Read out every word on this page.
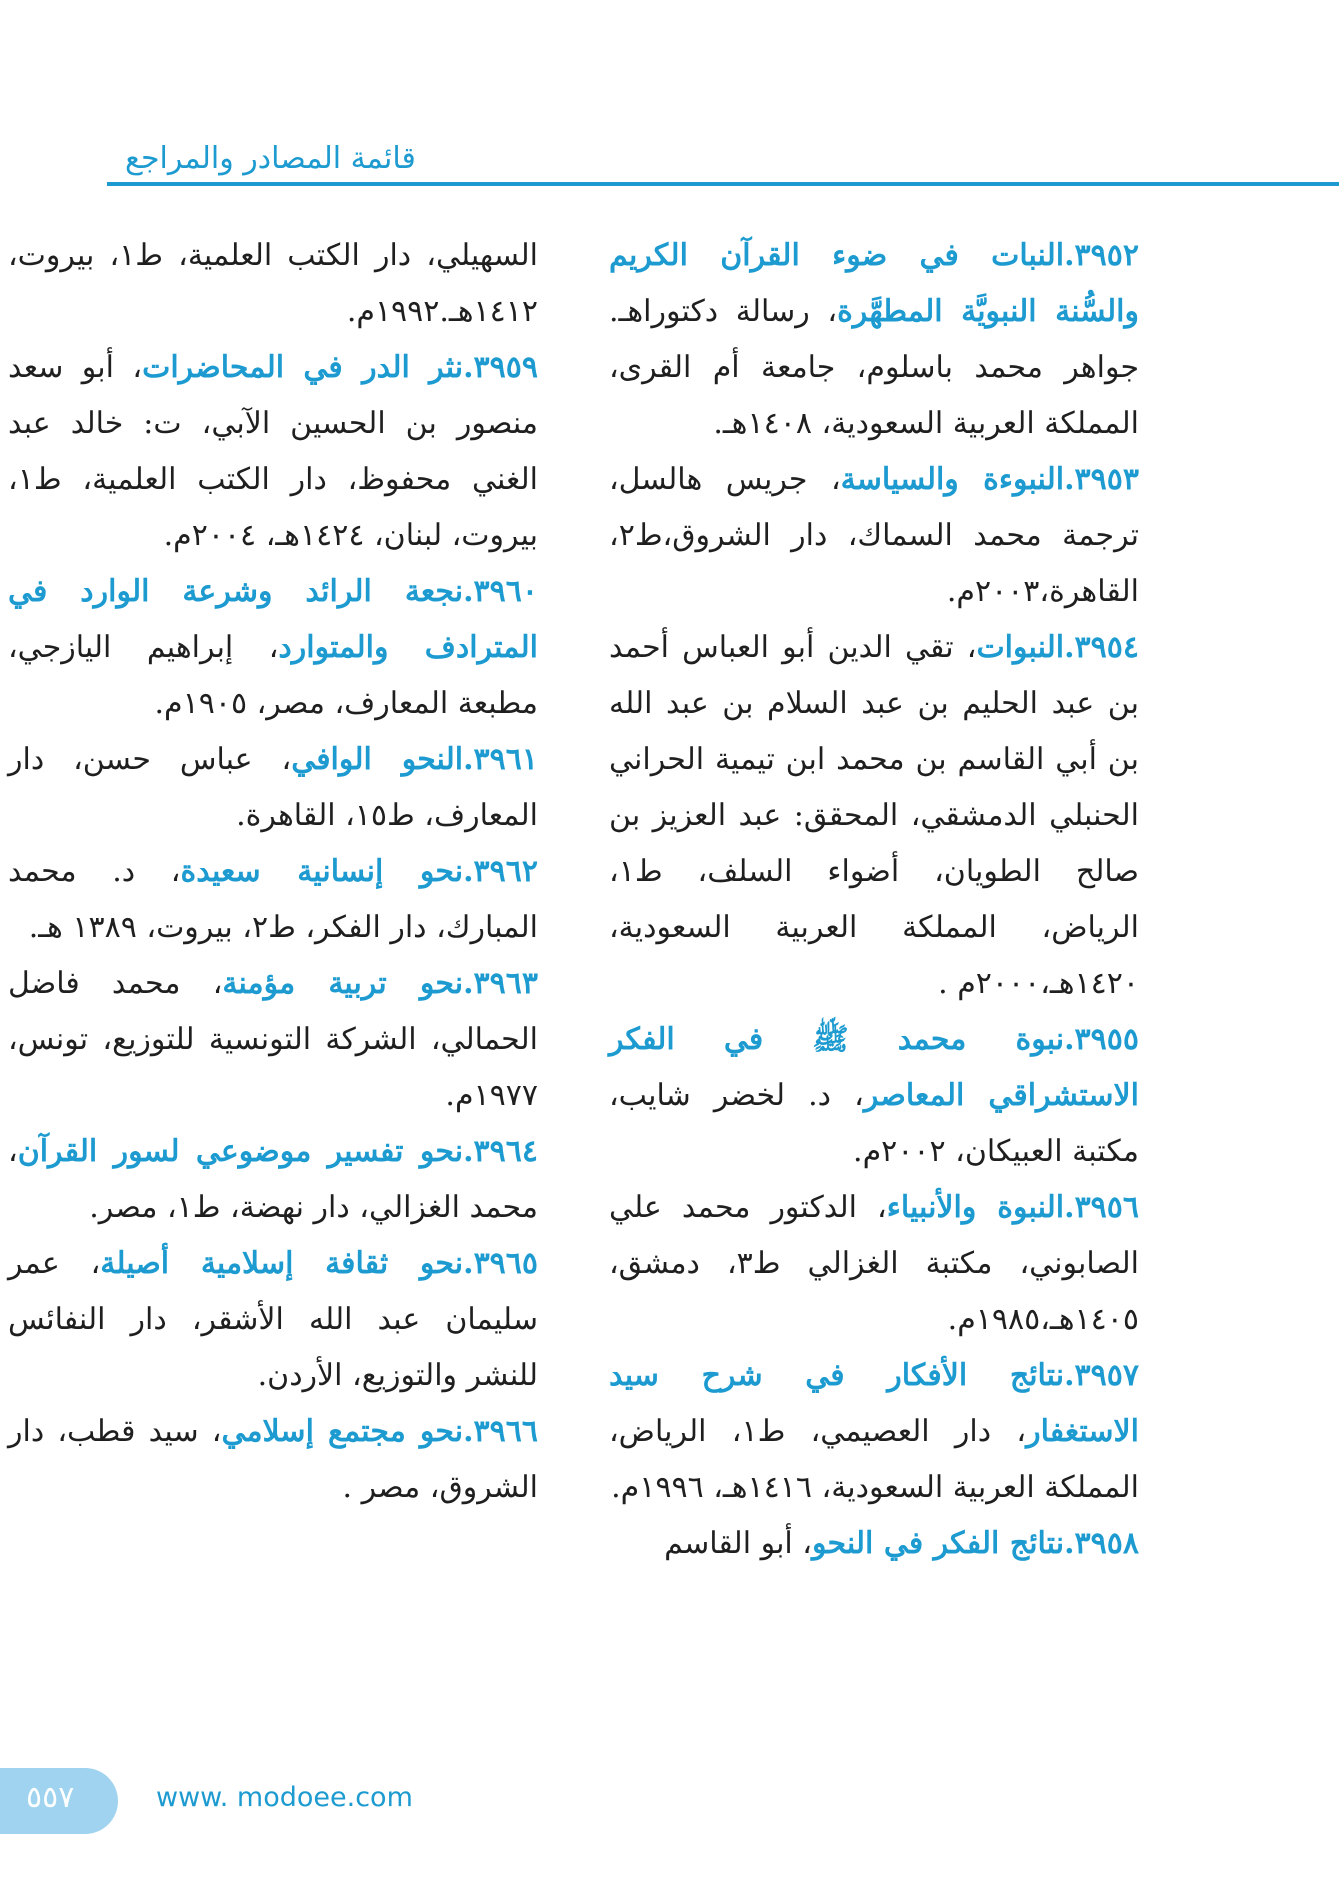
قائمة المصادر والمراجع

٣٩٥٢.النبات في ضوء القرآن الكريم والسُّنة النبويَّة المطهَّرة، رسالة دكتوراهـ. جواهر محمد باسلوم، جامعة أم القرى، المملكة العربية السعودية، ١٤٠٨هـ.

٣٩٥٣.النبوءة والسياسة، جريس هالسل، ترجمة محمد السماك، دار الشروق،ط٢، القاهرة،٢٠٠٣م.

٣٩٥٤.النبوات، تقي الدين أبو العباس أحمد بن عبد الحليم بن عبد السلام بن عبد الله بن أبي القاسم بن محمد ابن تيمية الحراني الحنبلي الدمشقي، المحقق: عبد العزيز بن صالح الطويان، أضواء السلف، ط١، الرياض، المملكة العربية السعودية، ١٤٢٠هـ،٢٠٠٠م .

٣٩٥٥.نبوة محمد ﷺ في الفكر الاستشراقي المعاصر، د. لخضر شايب، مكتبة العبيكان، ٢٠٠٢م.

٣٩٥٦.النبوة والأنبياء، الدكتور محمد علي الصابوني، مكتبة الغزالي ط٣، دمشق، ١٤٠٥هـ،١٩٨٥م.

٣٩٥٧.نتائج الأفكار في شرح سيد الاستغفار، دار العصيمي، ط١، الرياض، المملكة العربية السعودية، ١٤١٦هـ، ١٩٩٦م.

٣٩٥٨.نتائج الفكر في النحو، أبو القاسم

السهيلي، دار الكتب العلمية، ط١، بيروت، ١٤١٢هـ.١٩٩٢م.

٣٩٥٩.نثر الدر في المحاضرات، أبو سعد منصور بن الحسين الآبي، ت: خالد عبد الغني محفوظ، دار الكتب العلمية، ط١، بيروت، لبنان، ١٤٢٤هـ، ٢٠٠٤م.

٣٩٦٠.نجعة الرائد وشرعة الوارد في المترادف والمتوارد، إبراهيم اليازجي، مطبعة المعارف، مصر، ١٩٠٥م.

٣٩٦١.النحو الوافي، عباس حسن، دار المعارف، ط١٥، القاهرة.

٣٩٦٢.نحو إنسانية سعيدة، د. محمد المبارك، دار الفكر، ط٢، بيروت، ١٣٨٩ هـ.

٣٩٦٣.نحو تربية مؤمنة، محمد فاضل الحمالي، الشركة التونسية للتوزيع، تونس، ١٩٧٧م.

٣٩٦٤.نحو تفسير موضوعي لسور القرآن، محمد الغزالي، دار نهضة، ط١، مصر.

٣٩٦٥.نحو ثقافة إسلامية أصيلة، عمر سليمان عبد الله الأشقر، دار النفائس للنشر والتوزيع، الأردن.

٣٩٦٦.نحو مجتمع إسلامي، سيد قطب، دار الشروق، مصر .

٥٥٧	www. modoee.com
